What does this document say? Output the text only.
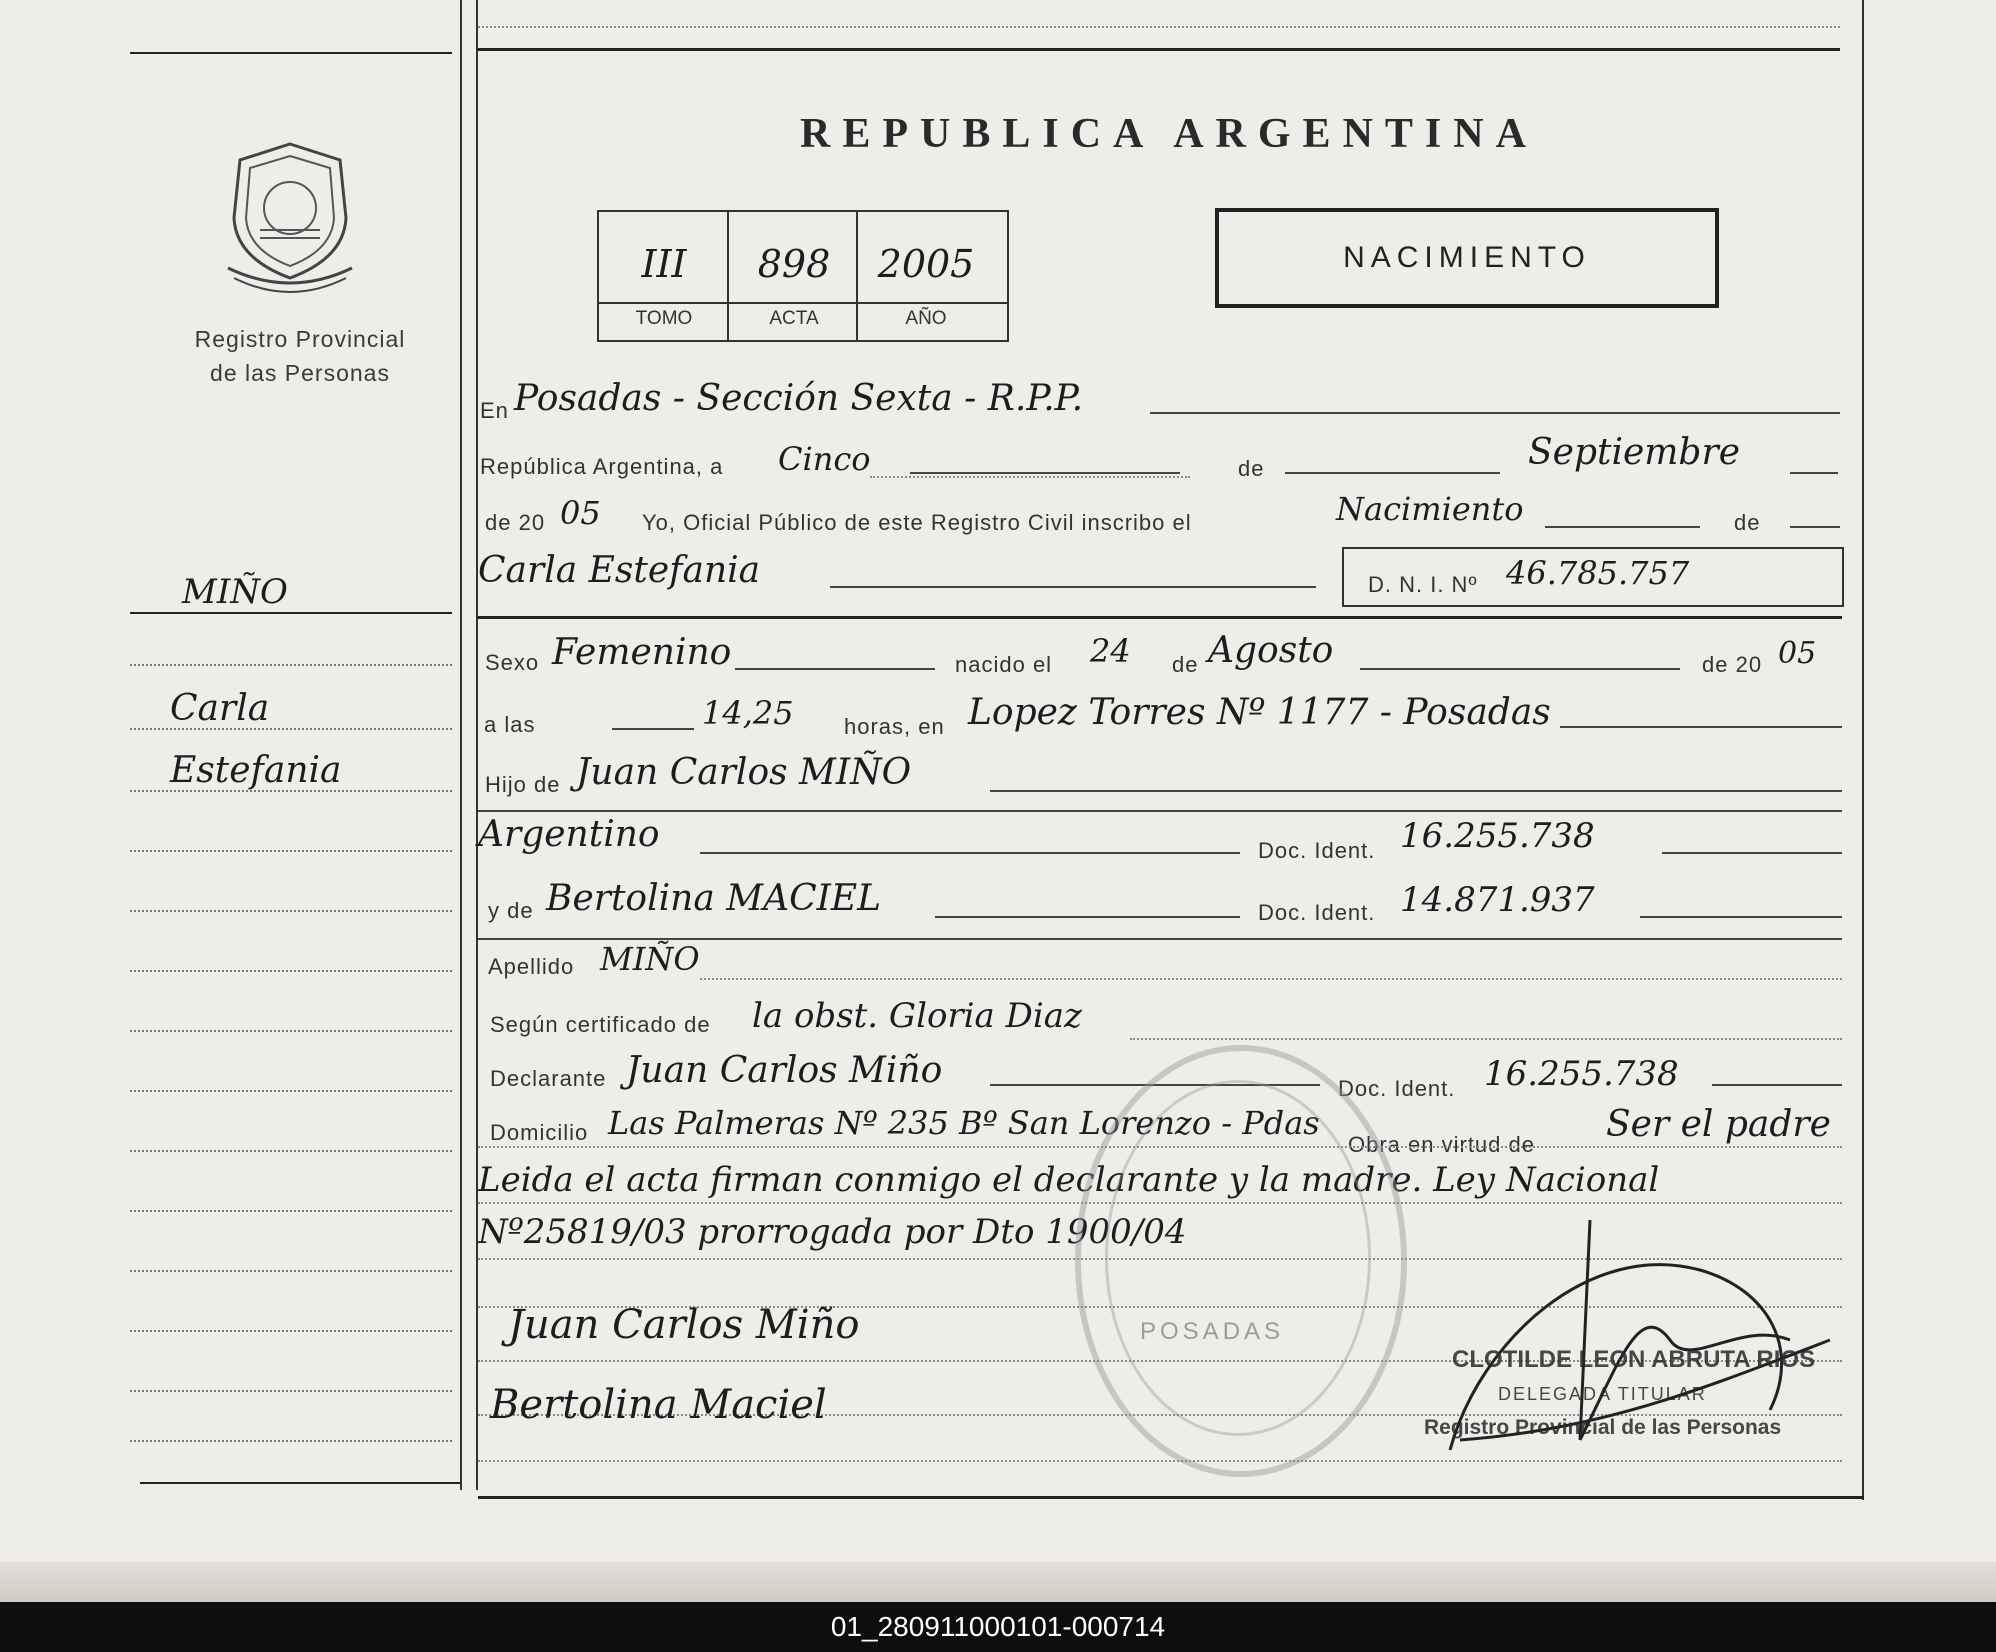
Registro Provincial
de las Personas
MIÑO
Carla
Estefania
REPUBLICA ARGENTINA
III	898	2005
TOMO	ACTA	AÑO
NACIMIENTO
En Posadas - Sección Sexta - R.P.P.
República Argentina, a Cinco	de	Septiembre
de 20 05 Yo, Oficial Público de este Registro Civil inscribo el	Nacimiento	de
Carla Estefania	D. N. I. Nº 46.785.757
Sexo Femenino	nacido el 24 de Agosto	de 20 05
a las	14,25 horas, en Lopez Torres Nº 1177 - Posadas
Hijo de Juan Carlos MIÑO
Argentino	Doc. Ident. 16.255.738
y de Bertolina MACIEL	Doc. Ident. 14.871.937
Apellido MIÑO
Según certificado de la obst. Gloria Diaz
Declarante Juan Carlos Miño	Doc. Ident. 16.255.738
Domicilio Las Palmeras Nº 235 Bº San Lorenzo - Pdas
Obra en virtud de Ser el padre
Leida el acta firman conmigo el declarante y la madre. Ley Nacional
Nº25819/03 prorrogada por Dto 1900/04
Juan Carlos Miño
Bertolina Maciel
POSADAS
CLOTILDE LEON ABRUTA RIOS
DELEGADA TITULAR
Registro Provincial de las Personas
01_280911000101-000714
